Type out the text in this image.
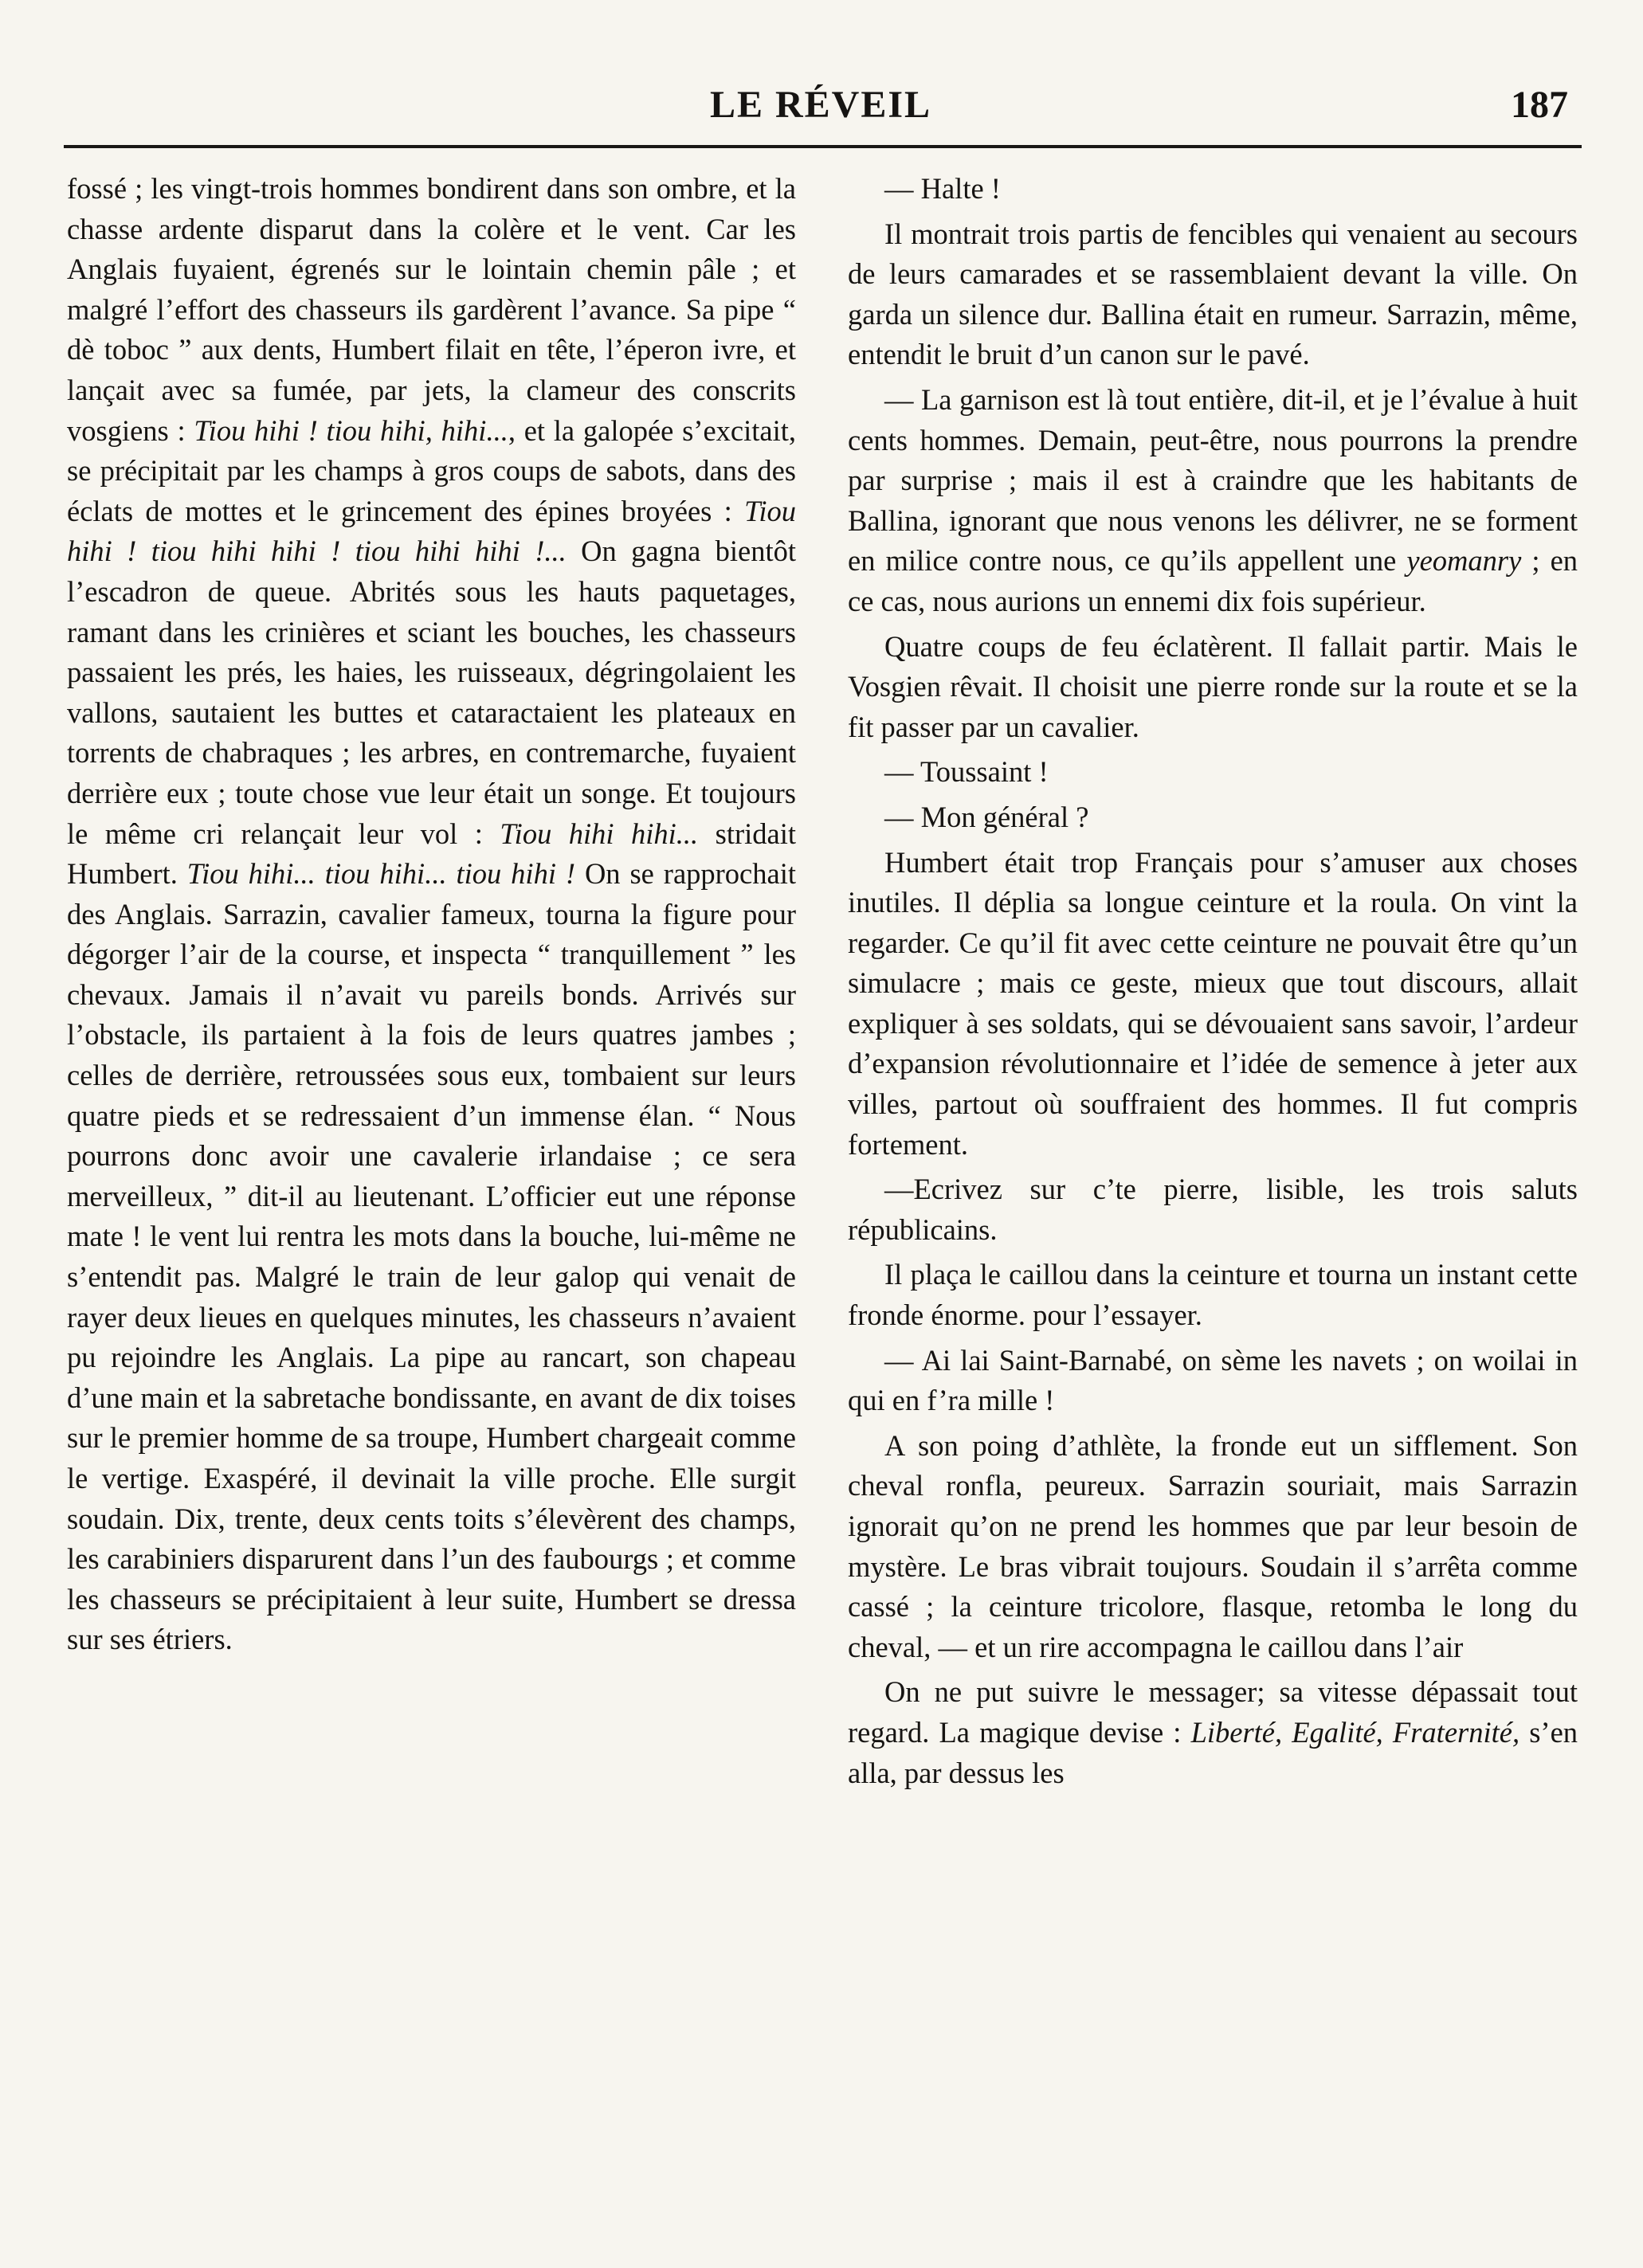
LE RÉVEIL	187

fossé ; les vingt-trois hommes bondirent dans son ombre, et la chasse ardente disparut dans la colère et le vent. Car les Anglais fuyaient, égrenés sur le lointain chemin pâle ; et malgré l’effort des chasseurs ils gardèrent l’avance. Sa pipe “ dè toboc ” aux dents, Humbert filait en tête, l’éperon ivre, et lançait avec sa fumée, par jets, la clameur des conscrits vosgiens : Tiou hihi ! tiou hihi, hihi..., et la galopée s’excitait, se précipitait par les champs à gros coups de sabots, dans des éclats de mottes et le grincement des épines broyées : Tiou hihi ! tiou hihi hihi ! tiou hihi hihi !... On gagna bientôt l’escadron de queue. Abrités sous les hauts paquetages, ramant dans les crinières et sciant les bouches, les chasseurs passaient les prés, les haies, les ruisseaux, dégringolaient les vallons, sautaient les buttes et cataractaient les plateaux en torrents de chabraques ; les arbres, en contremarche, fuyaient derrière eux ; toute chose vue leur était un songe. Et toujours le même cri relançait leur vol : Tiou hihi hihi... stridait Humbert. Tiou hihi... tiou hihi... tiou hihi ! On se rapprochait des Anglais. Sarrazin, cavalier fameux, tourna la figure pour dégorger l’air de la course, et inspecta “ tranquillement ” les chevaux. Jamais il n’avait vu pareils bonds. Arrivés sur l’obstacle, ils partaient à la fois de leurs quatres jambes ; celles de derrière, retroussées sous eux, tombaient sur leurs quatre pieds et se redressaient d’un immense élan. “ Nous pourrons donc avoir une cavalerie irlandaise ; ce sera merveilleux, ” dit-il au lieutenant. L’officier eut une réponse mate ! le vent lui rentra les mots dans la bouche, lui-même ne s’entendit pas. Malgré le train de leur galop qui venait de rayer deux lieues en quelques minutes, les chasseurs n’avaient pu rejoindre les Anglais. La pipe au rancart, son chapeau d’une main et la sabretache bondissante, en avant de dix toises sur le premier homme de sa troupe, Humbert chargeait comme le vertige. Exaspéré, il devinait la ville proche. Elle surgit soudain. Dix, trente, deux cents toits s’élevèrent des champs, les carabiniers disparurent dans l’un des faubourgs ; et comme les chasseurs se précipitaient à leur suite, Humbert se dressa sur ses étriers.

— Halte !

Il montrait trois partis de fencibles qui venaient au secours de leurs camarades et se rassemblaient devant la ville. On garda un silence dur. Ballina était en rumeur. Sarrazin, même, entendit le bruit d’un canon sur le pavé.

— La garnison est là tout entière, dit-il, et je l’évalue à huit cents hommes. Demain, peut-être, nous pourrons la prendre par surprise ; mais il est à craindre que les habitants de Ballina, ignorant que nous venons les délivrer, ne se forment en milice contre nous, ce qu’ils appellent une yeomanry ; en ce cas, nous aurions un ennemi dix fois supérieur.

Quatre coups de feu éclatèrent. Il fallait partir. Mais le Vosgien rêvait. Il choisit une pierre ronde sur la route et se la fit passer par un cavalier.

— Toussaint !

— Mon général ?

Humbert était trop Français pour s’amuser aux choses inutiles. Il déplia sa longue ceinture et la roula. On vint la regarder. Ce qu’il fit avec cette ceinture ne pouvait être qu’un simulacre ; mais ce geste, mieux que tout discours, allait expliquer à ses soldats, qui se dévouaient sans savoir, l’ardeur d’expansion révolutionnaire et l’idée de semence à jeter aux villes, partout où souffraient des hommes. Il fut compris fortement.

—Ecrivez sur c’te pierre, lisible, les trois saluts républicains.

Il plaça le caillou dans la ceinture et tourna un instant cette fronde énorme. pour l’essayer.

— Ai lai Saint-Barnabé, on sème les navets ; on woilai in qui en f’ra mille !

A son poing d’athlète, la fronde eut un sifflement. Son cheval ronfla, peureux. Sarrazin souriait, mais Sarrazin ignorait qu’on ne prend les hommes que par leur besoin de mystère. Le bras vibrait toujours. Soudain il s’arrêta comme cassé ; la ceinture tricolore, flasque, retomba le long du cheval, — et un rire accompagna le caillou dans l’air

On ne put suivre le messager; sa vitesse dépassait tout regard. La magique devise : Liberté, Egalité, Fraternité, s’en alla, par dessus les
